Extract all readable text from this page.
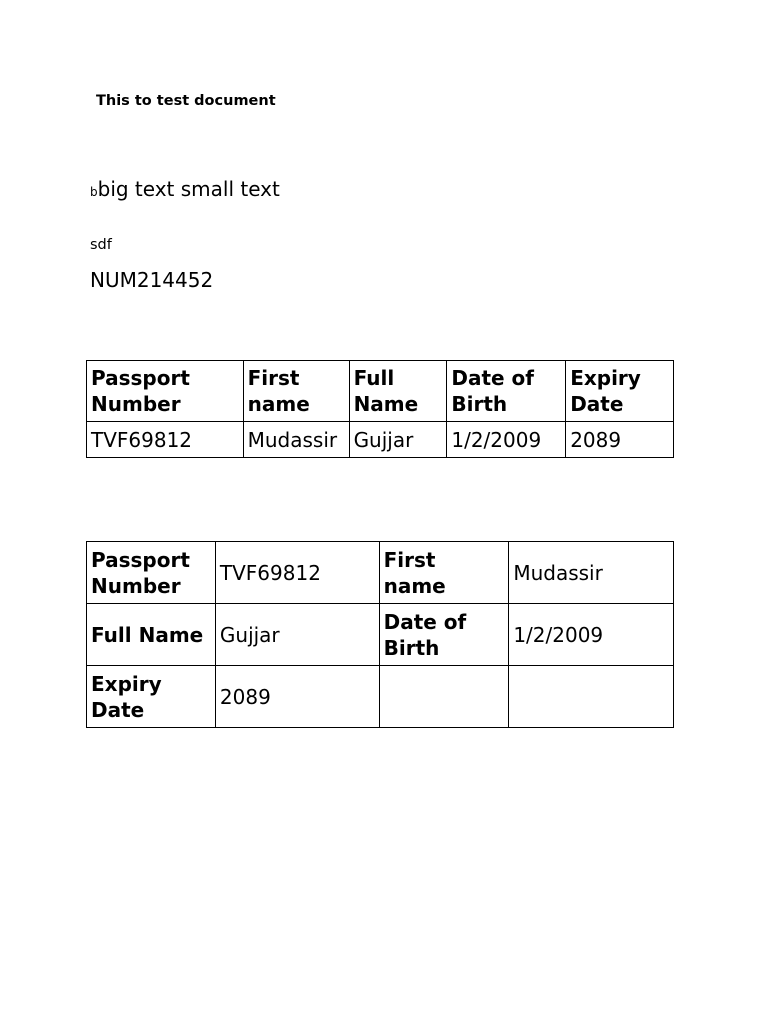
This to test document
bbig text small text
sdf
NUM214452
Passport Number	First name	Full Name	Date of Birth	Expiry Date
TVF69812	Mudassir	Gujjar	1/2/2009	2089
Passport Number	TVF69812	First name	Mudassir
Full Name	Gujjar	Date of Birth	1/2/2009
Expiry Date	2089		
